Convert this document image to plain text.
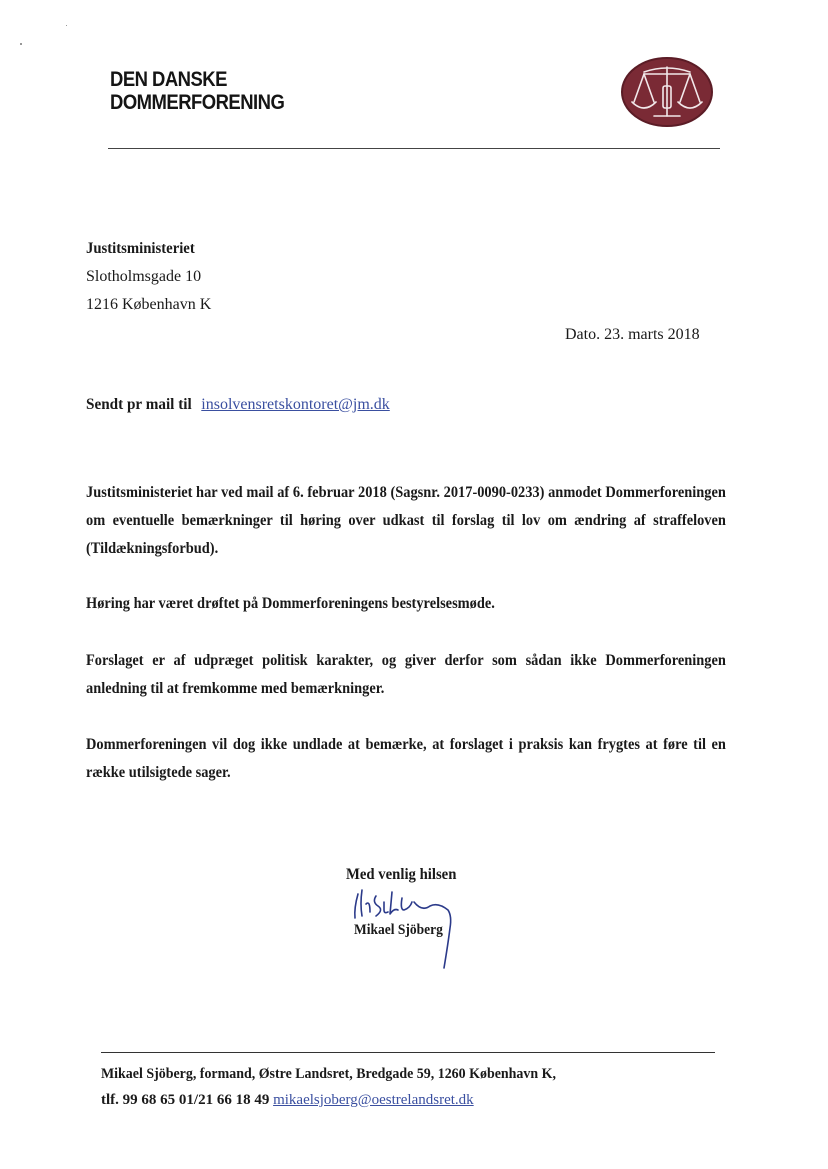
DEN DANSKE
DOMMERFORENING
Justitsministeriet
Slotholmsgade 10
1216 København K
Dato. 23. marts 2018
Sendt pr mail til insolvensretskontoret@jm.dk

Justitsministeriet har ved mail af 6. februar 2018 (Sagsnr. 2017-0090-0233) anmodet Dommerforeningen om eventuelle bemærkninger til høring over udkast til forslag til lov om ændring af straffeloven (Tildækningsforbud).

Høring har været drøftet på Dommerforeningens bestyrelsesmøde.

Forslaget er af udpræget politisk karakter, og giver derfor som sådan ikke Dommerforeningen anledning til at fremkomme med bemærkninger.

Dommerforeningen vil dog ikke undlade at bemærke, at forslaget i praksis kan frygtes at føre til en række utilsigtede sager.

Med venlig hilsen
Mikael Sjöberg
Mikael Sjöberg, formand, Østre Landsret, Bredgade 59, 1260 København K,
tlf. 99 68 65 01/21 66 18 49 mikaelsjoberg@oestrelandsret.dk
